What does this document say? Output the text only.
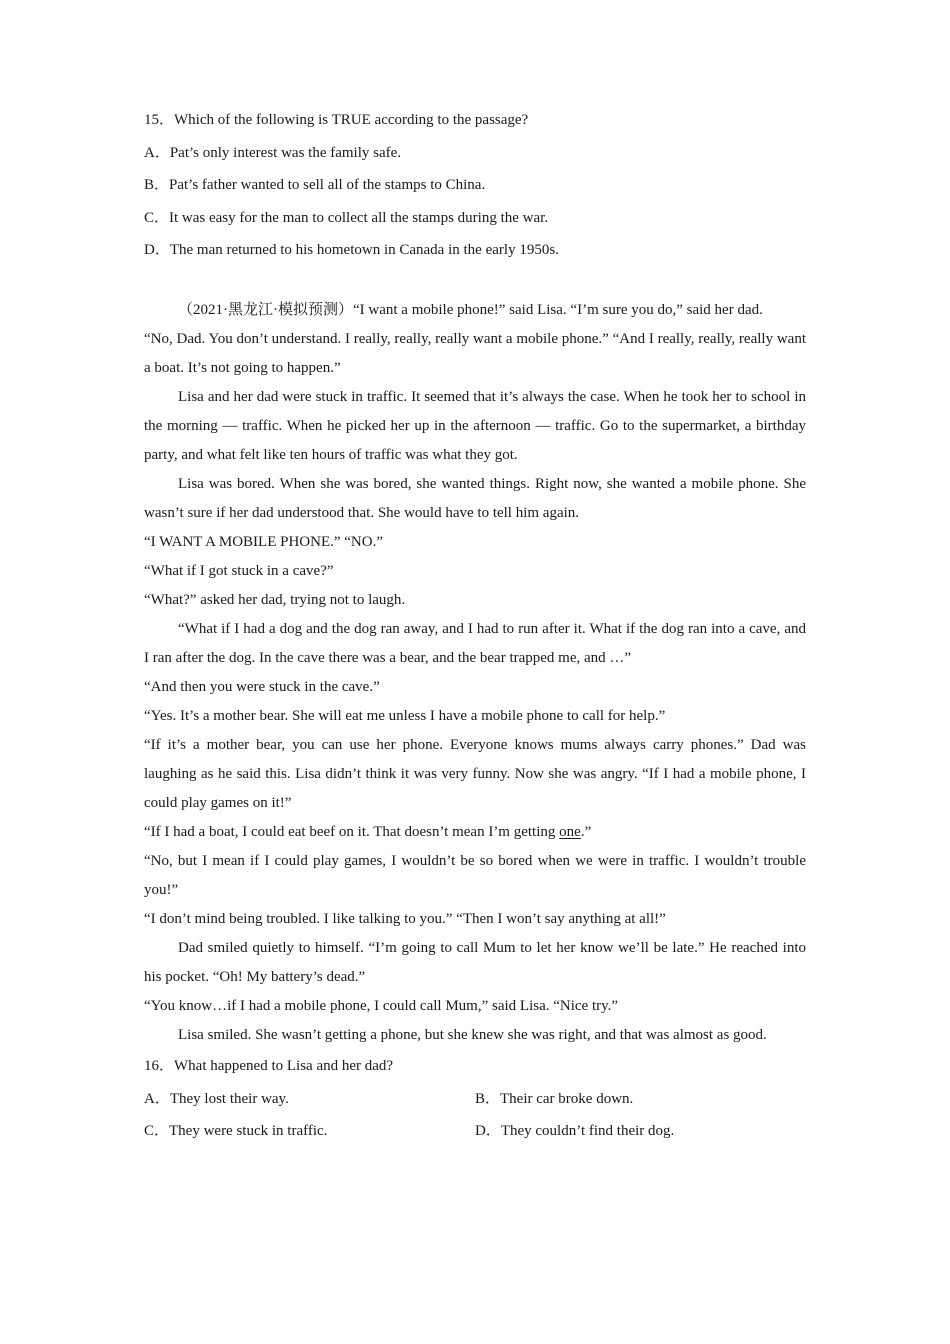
15．Which of the following is TRUE according to the passage?
A．Pat’s only interest was the family safe.
B．Pat’s father wanted to sell all of the stamps to China.
C．It was easy for the man to collect all the stamps during the war.
D．The man returned to his hometown in Canada in the early 1950s.

（2021·黑龙江·模拟预测）“I want a mobile phone!” said Lisa. “I’m sure you do,” said her dad.

“No, Dad. You don’t understand. I really, really, really want a mobile phone.” “And I really, really, really want a boat. It’s not going to happen.”

Lisa and her dad were stuck in traffic. It seemed that it’s always the case. When he took her to school in the morning — traffic. When he picked her up in the afternoon — traffic. Go to the supermarket, a birthday party, and what felt like ten hours of traffic was what they got.

Lisa was bored. When she was bored, she wanted things. Right now, she wanted a mobile phone. She wasn’t sure if her dad understood that. She would have to tell him again.

“I WANT A MOBILE PHONE.” “NO.”

“What if I got stuck in a cave?”

“What?” asked her dad, trying not to laugh.

“What if I had a dog and the dog ran away, and I had to run after it. What if the dog ran into a cave, and I ran after the dog. In the cave there was a bear, and the bear trapped me, and …”

“And then you were stuck in the cave.”

“Yes. It’s a mother bear. She will eat me unless I have a mobile phone to call for help.”

“If it’s a mother bear, you can use her phone. Everyone knows mums always carry phones.” Dad was laughing as he said this. Lisa didn’t think it was very funny. Now she was angry. “If I had a mobile phone, I could play games on it!”

“If I had a boat, I could eat beef on it. That doesn’t mean I’m getting one.”

“No, but I mean if I could play games, I wouldn’t be so bored when we were in traffic. I wouldn’t trouble you!”

“I don’t mind being troubled. I like talking to you.” “Then I won’t say anything at all!”

Dad smiled quietly to himself. “I’m going to call Mum to let her know we’ll be late.” He reached into his pocket. “Oh! My battery’s dead.”

“You know…if I had a mobile phone, I could call Mum,” said Lisa. “Nice try.”

Lisa smiled. She wasn’t getting a phone, but she knew she was right, and that was almost as good.

16．What happened to Lisa and her dad?
A．They lost their way.	B．Their car broke down.
C．They were stuck in traffic.	D．They couldn’t find their dog.
